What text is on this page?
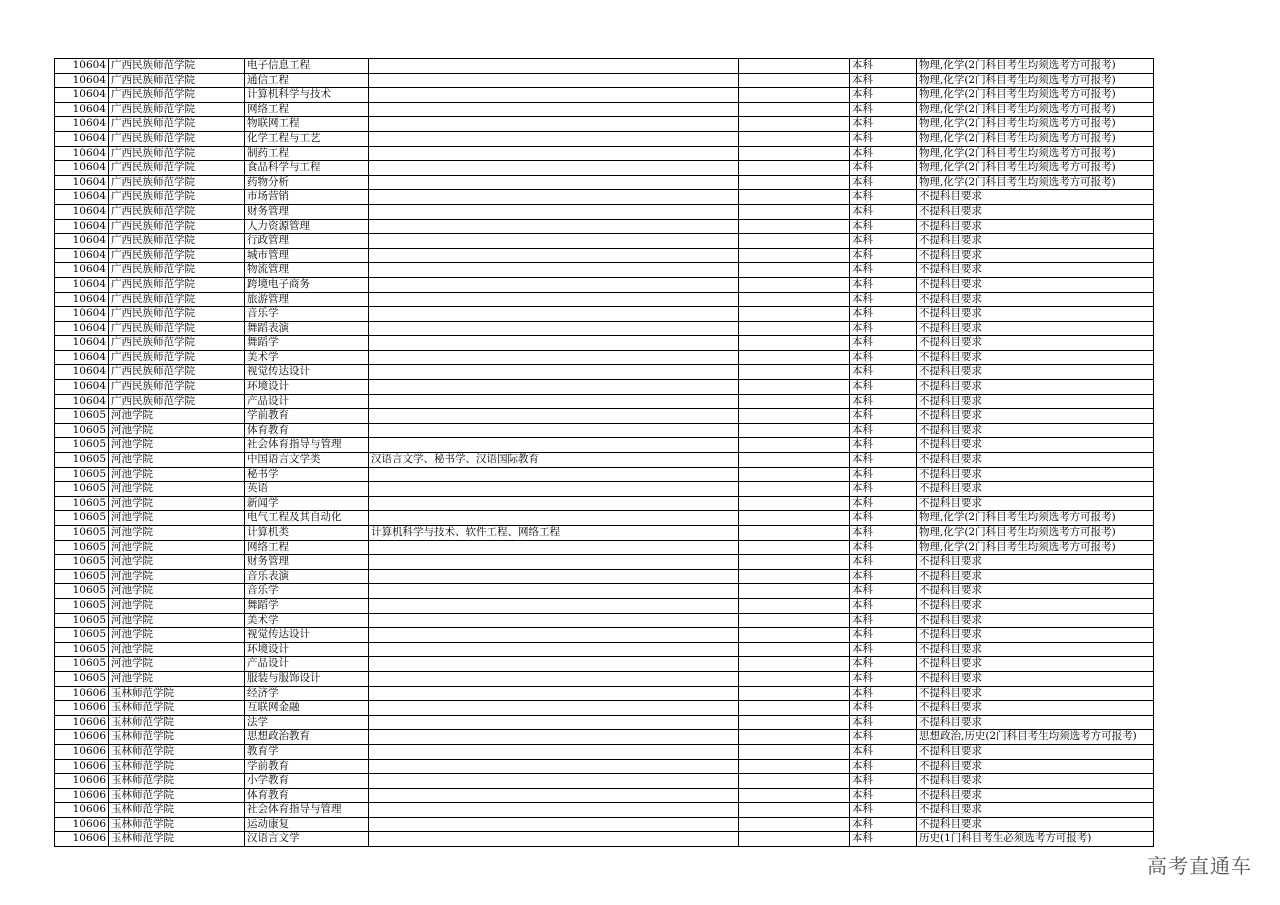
10604	广西民族师范学院	电子信息工程			本科	物理,化学(2门科目考生均须选考方可报考)
10604	广西民族师范学院	通信工程			本科	物理,化学(2门科目考生均须选考方可报考)
10604	广西民族师范学院	计算机科学与技术			本科	物理,化学(2门科目考生均须选考方可报考)
10604	广西民族师范学院	网络工程			本科	物理,化学(2门科目考生均须选考方可报考)
10604	广西民族师范学院	物联网工程			本科	物理,化学(2门科目考生均须选考方可报考)
10604	广西民族师范学院	化学工程与工艺			本科	物理,化学(2门科目考生均须选考方可报考)
10604	广西民族师范学院	制药工程			本科	物理,化学(2门科目考生均须选考方可报考)
10604	广西民族师范学院	食品科学与工程			本科	物理,化学(2门科目考生均须选考方可报考)
10604	广西民族师范学院	药物分析			本科	物理,化学(2门科目考生均须选考方可报考)
10604	广西民族师范学院	市场营销			本科	不提科目要求
10604	广西民族师范学院	财务管理			本科	不提科目要求
10604	广西民族师范学院	人力资源管理			本科	不提科目要求
10604	广西民族师范学院	行政管理			本科	不提科目要求
10604	广西民族师范学院	城市管理			本科	不提科目要求
10604	广西民族师范学院	物流管理			本科	不提科目要求
10604	广西民族师范学院	跨境电子商务			本科	不提科目要求
10604	广西民族师范学院	旅游管理			本科	不提科目要求
10604	广西民族师范学院	音乐学			本科	不提科目要求
10604	广西民族师范学院	舞蹈表演			本科	不提科目要求
10604	广西民族师范学院	舞蹈学			本科	不提科目要求
10604	广西民族师范学院	美术学			本科	不提科目要求
10604	广西民族师范学院	视觉传达设计			本科	不提科目要求
10604	广西民族师范学院	环境设计			本科	不提科目要求
10604	广西民族师范学院	产品设计			本科	不提科目要求
10605	河池学院	学前教育			本科	不提科目要求
10605	河池学院	体育教育			本科	不提科目要求
10605	河池学院	社会体育指导与管理			本科	不提科目要求
10605	河池学院	中国语言文学类	汉语言文学、秘书学、汉语国际教育		本科	不提科目要求
10605	河池学院	秘书学			本科	不提科目要求
10605	河池学院	英语			本科	不提科目要求
10605	河池学院	新闻学			本科	不提科目要求
10605	河池学院	电气工程及其自动化			本科	物理,化学(2门科目考生均须选考方可报考)
10605	河池学院	计算机类	计算机科学与技术、软件工程、网络工程		本科	物理,化学(2门科目考生均须选考方可报考)
10605	河池学院	网络工程			本科	物理,化学(2门科目考生均须选考方可报考)
10605	河池学院	财务管理			本科	不提科目要求
10605	河池学院	音乐表演			本科	不提科目要求
10605	河池学院	音乐学			本科	不提科目要求
10605	河池学院	舞蹈学			本科	不提科目要求
10605	河池学院	美术学			本科	不提科目要求
10605	河池学院	视觉传达设计			本科	不提科目要求
10605	河池学院	环境设计			本科	不提科目要求
10605	河池学院	产品设计			本科	不提科目要求
10605	河池学院	服装与服饰设计			本科	不提科目要求
10606	玉林师范学院	经济学			本科	不提科目要求
10606	玉林师范学院	互联网金融			本科	不提科目要求
10606	玉林师范学院	法学			本科	不提科目要求
10606	玉林师范学院	思想政治教育			本科	思想政治,历史(2门科目考生均须选考方可报考)
10606	玉林师范学院	教育学			本科	不提科目要求
10606	玉林师范学院	学前教育			本科	不提科目要求
10606	玉林师范学院	小学教育			本科	不提科目要求
10606	玉林师范学院	体育教育			本科	不提科目要求
10606	玉林师范学院	社会体育指导与管理			本科	不提科目要求
10606	玉林师范学院	运动康复			本科	不提科目要求
10606	玉林师范学院	汉语言文学			本科	历史(1门科目考生必须选考方可报考)
高考直通车
